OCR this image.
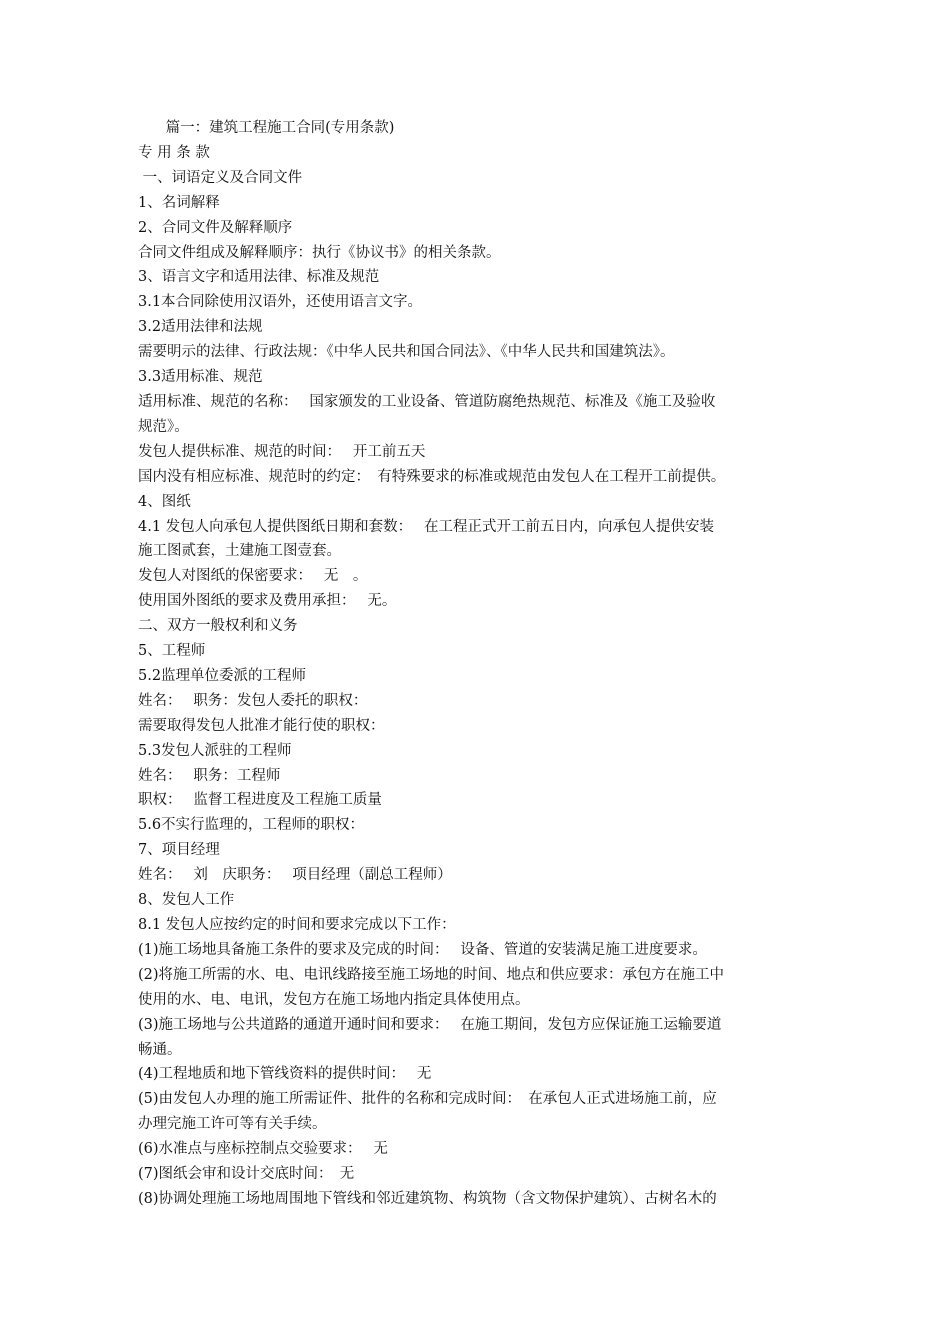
篇一：建筑工程施工合同(专用条款)

专 用 条 款

一、词语定义及合同文件

1、名词解释

2、合同文件及解释顺序

合同文件组成及解释顺序：执行《协议书》的相关条款。

3、语言文字和适用法律、标准及规范

3.1本合同除使用汉语外，还使用语言文字。

3.2适用法律和法规

需要明示的法律、行政法规：《中华人民共和国合同法》、《中华人民共和国建筑法》。

3.3适用标准、规范

适用标准、规范的名称：　 国家颁发的工业设备、管道防腐绝热规范、标准及《施工及验收

规范》。

发包人提供标准、规范的时间：　 开工前五天

国内没有相应标准、规范时的约定：　有特殊要求的标准或规范由发包人在工程开工前提供。

4、图纸

4.1 发包人向承包人提供图纸日期和套数：　 在工程正式开工前五日内，向承包人提供安装

施工图贰套，土建施工图壹套。

发包人对图纸的保密要求：　 无　。

使用国外图纸的要求及费用承担：　 无。

二、双方一般权利和义务

5、工程师

5.2监理单位委派的工程师

姓名：　 职务：发包人委托的职权：

需要取得发包人批准才能行使的职权：

5.3发包人派驻的工程师

姓名：　 职务：工程师

职权：　 监督工程进度及工程施工质量

5.6不实行监理的，工程师的职权：

7、项目经理

姓名：　 刘　庆职务：　 项目经理（副总工程师）

8、发包人工作

8.1 发包人应按约定的时间和要求完成以下工作：

(1)施工场地具备施工条件的要求及完成的时间：　 设备、管道的安装满足施工进度要求。

(2)将施工所需的水、电、电讯线路接至施工场地的时间、地点和供应要求：承包方在施工中

使用的水、电、电讯，发包方在施工场地内指定具体使用点。

(3)施工场地与公共道路的通道开通时间和要求：　 在施工期间，发包方应保证施工运输要道

畅通。

(4)工程地质和地下管线资料的提供时间：　 无

(5)由发包人办理的施工所需证件、批件的名称和完成时间：　在承包人正式进场施工前，应

办理完施工许可等有关手续。

(6)水准点与座标控制点交验要求：　 无

(7)图纸会审和设计交底时间：　无

(8)协调处理施工场地周围地下管线和邻近建筑物、构筑物（含文物保护建筑）、古树名木的
